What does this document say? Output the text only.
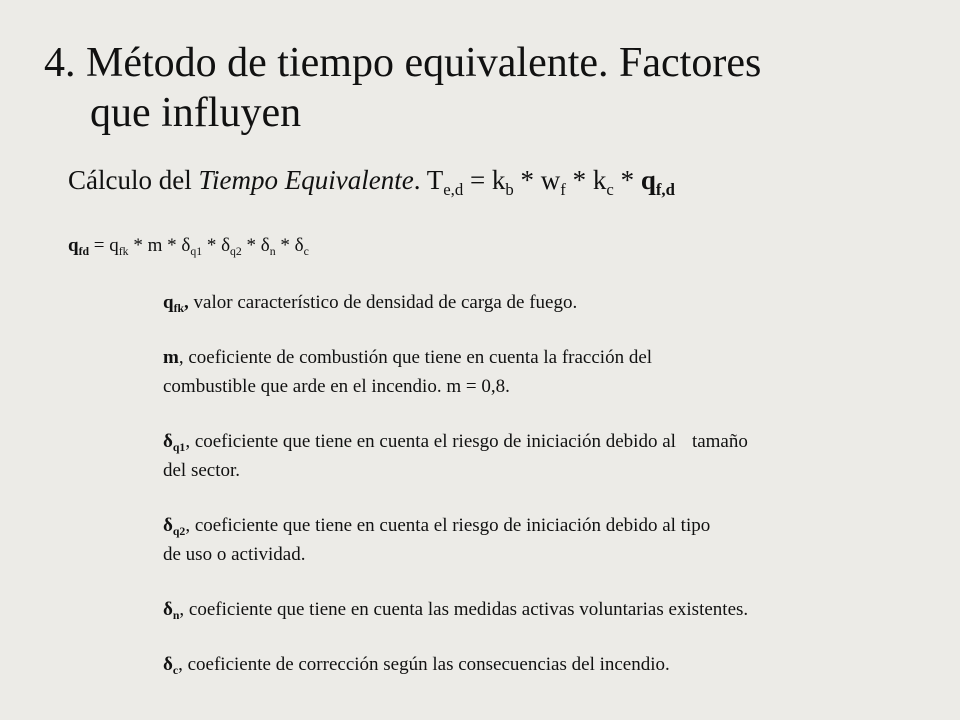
4. Método de tiempo equivalente. Factores
que influyen
Cálculo del Tiempo Equivalente. $T_{e,d} = k_b * w_f * k_c * q_{f,d}$
$q_{fd} = q_{fk} * m * \delta_{q1} * \delta_{q2} * \delta_n * \delta_c$

$q_{fk}$, valor característico de densidad de carga de fuego.

m, coeficiente de combustión que tiene en cuenta la fracción del
combustible que arde en el incendio. m = 0,8.

$\delta_{q1}$, coeficiente que tiene en cuenta el riesgo de iniciación debido al tamaño
del sector.

$\delta_{q2}$, coeficiente que tiene en cuenta el riesgo de iniciación debido al tipo
de uso o actividad.

$\delta_n$, coeficiente que tiene en cuenta las medidas activas voluntarias existentes.

$\delta_c$, coeficiente de corrección según las consecuencias del incendio.
